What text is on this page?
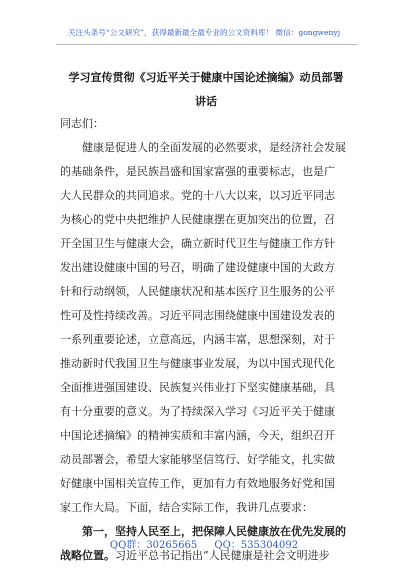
关注头条号“公文研究”，获得最新最全最专业的公文资料库！ 微信：gongwenyj
学习宣传贯彻《习近平关于健康中国论述摘编》动员部署
讲话
同志们：
健康是促进人的全面发展的必然要求，是经济社会发展
的基础条件，是民族昌盛和国家富强的重要标志，也是广
大人民群众的共同追求。党的十八大以来，以习近平同志
为核心的党中央把维护人民健康摆在更加突出的位置，召
开全国卫生与健康大会，确立新时代卫生与健康工作方针
发出建设健康中国的号召，明确了建设健康中国的大政方
针和行动纲领，人民健康状况和基本医疗卫生服务的公平
性可及性持续改善。习近平同志围绕健康中国建设发表的
一系列重要论述，立意高远，内涵丰富，思想深刻，对于
推动新时代我国卫生与健康事业发展，为以中国式现代化
全面推进强国建设、民族复兴伟业打下坚实健康基础，具
有十分重要的意义。为了持续深入学习《习近平关于健康
中国论述摘编》的精神实质和丰富内涵，今天，组织召开
动员部署会，希望大家能够坚信笃行、好学能文，扎实做
好健康中国相关宣传工作，更加有力有效地服务好党和国
家工作大局。下面，结合实际工作，我讲几点要求：
第一，坚持人民至上，把保障人民健康放在优先发展的
战略位置。习近平总书记指出“人民健康是社会文明进步
QQ群：30265665 QQ：535304092
